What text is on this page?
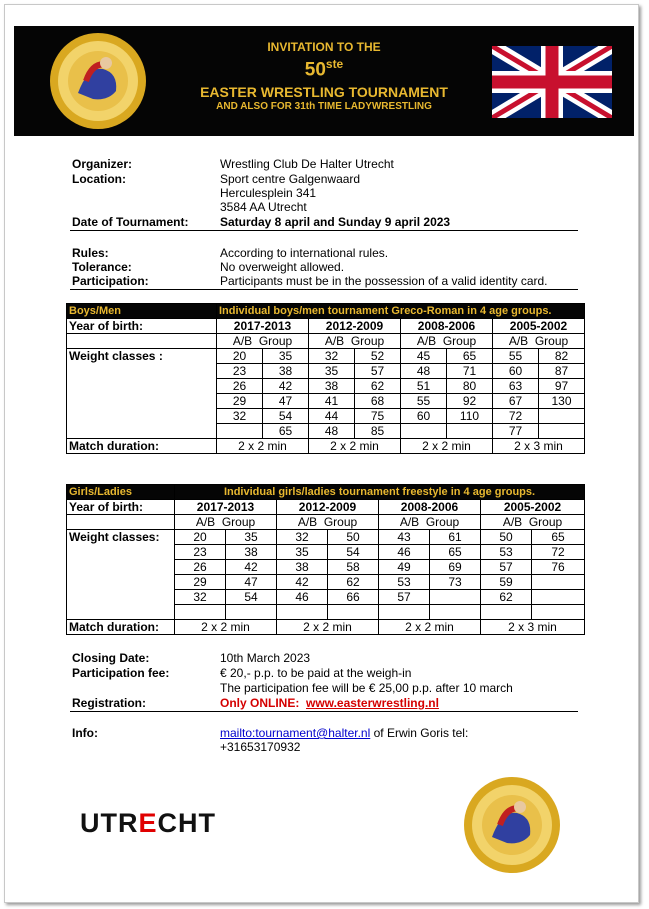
INVITATION TO THE
50ste
EASTER WRESTLING TOURNAMENT
AND ALSO FOR 31th TIME LADYWRESTLING
Organizer:	Wrestling Club De Halter Utrecht
Location:	Sport centre Galgenwaard
Herculesplein 341
3584 AA Utrecht
Date of Tournament:	Saturday 8 april and Sunday 9 april 2023
Rules:	According to international rules.
Tolerance:	No overweight allowed.
Participation:	Participants must be in the possession of a valid identity card.
Boys/Men	Individual boys/men tournament Greco-Roman in 4 age groups.							
Year of birth:	2017-2013		2012-2009		2008-2006		2005-2002	
	A/B Group		A/B Group		A/B Group		A/B Group	
Weight classes :	20	35	32	52	45	65	55	82
	23	38	35	57	48	71	60	87
	26	42	38	62	51	80	63	97
	29	47	41	68	55	92	67	130
	32	54	44	75	60	110	72	
		65	48	85			77	
Match duration:	2 x 2 min		2 x 2 min		2 x 2 min		2 x 3 min	
Girls/Ladies	Individual girls/ladies tournament freestyle in 4 age groups.							
Year of birth:	2017-2013		2012-2009		2008-2006		2005-2002	
	A/B Group		A/B Group		A/B Group		A/B Group	
Weight classes:	20	35	32	50	43	61	50	65
	23	38	35	54	46	65	53	72
	26	42	38	58	49	69	57	76
	29	47	42	62	53	73	59	
	32	54	46	66	57		62	

Match duration:	2 x 2 min		2 x 2 min		2 x 2 min		2 x 3 min	
Closing Date:	10th March 2023
Participation fee:	€ 20,- p.p. to be paid at the weigh-in
The participation fee will be € 25,00 p.p. after 10 march
Registration:	Only ONLINE: www.easterwrestling.nl
Info:	mailto:tournament@halter.nl of Erwin Goris tel:
+31653170932
UTRECHT
